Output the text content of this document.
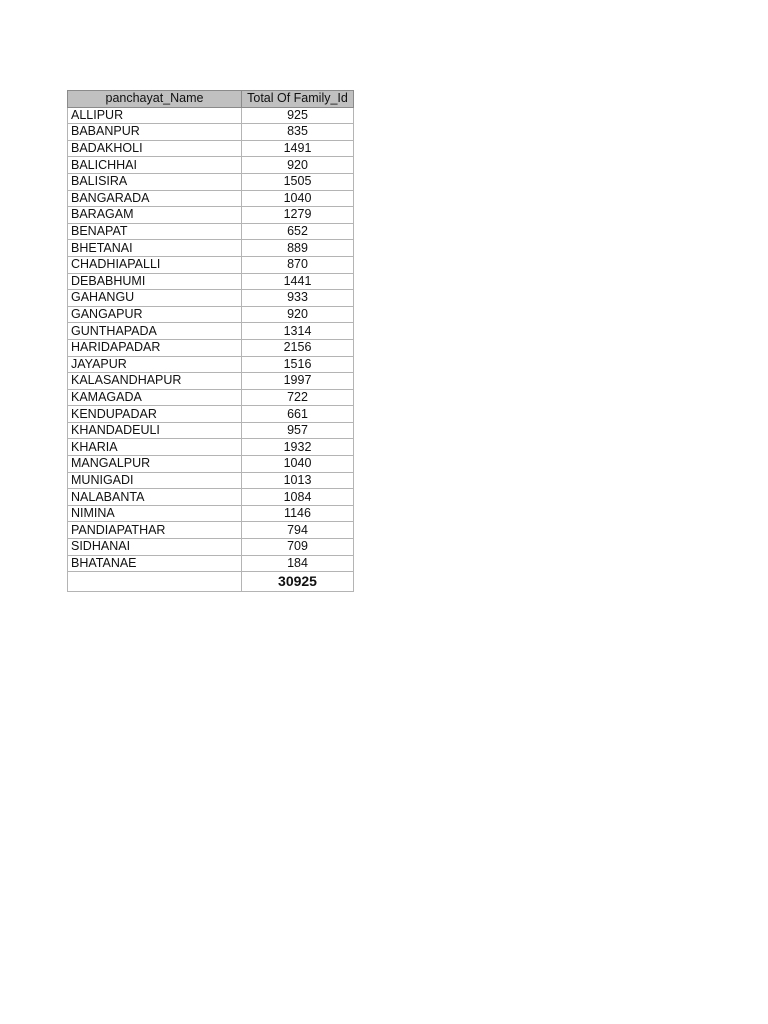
panchayat_Name	Total Of Family_Id
ALLIPUR	925
BABANPUR	835
BADAKHOLI	1491
BALICHHAI	920
BALISIRA	1505
BANGARADA	1040
BARAGAM	1279
BENAPAT	652
BHETANAI	889
CHADHIAPALLI	870
DEBABHUMI	1441
GAHANGU	933
GANGAPUR	920
GUNTHAPADA	1314
HARIDAPADAR	2156
JAYAPUR	1516
KALASANDHAPUR	1997
KAMAGADA	722
KENDUPADAR	661
KHANDADEULI	957
KHARIA	1932
MANGALPUR	1040
MUNIGADI	1013
NALABANTA	1084
NIMINA	1146
PANDIAPATHAR	794
SIDHANAI	709
BHATANAE	184
	30925
